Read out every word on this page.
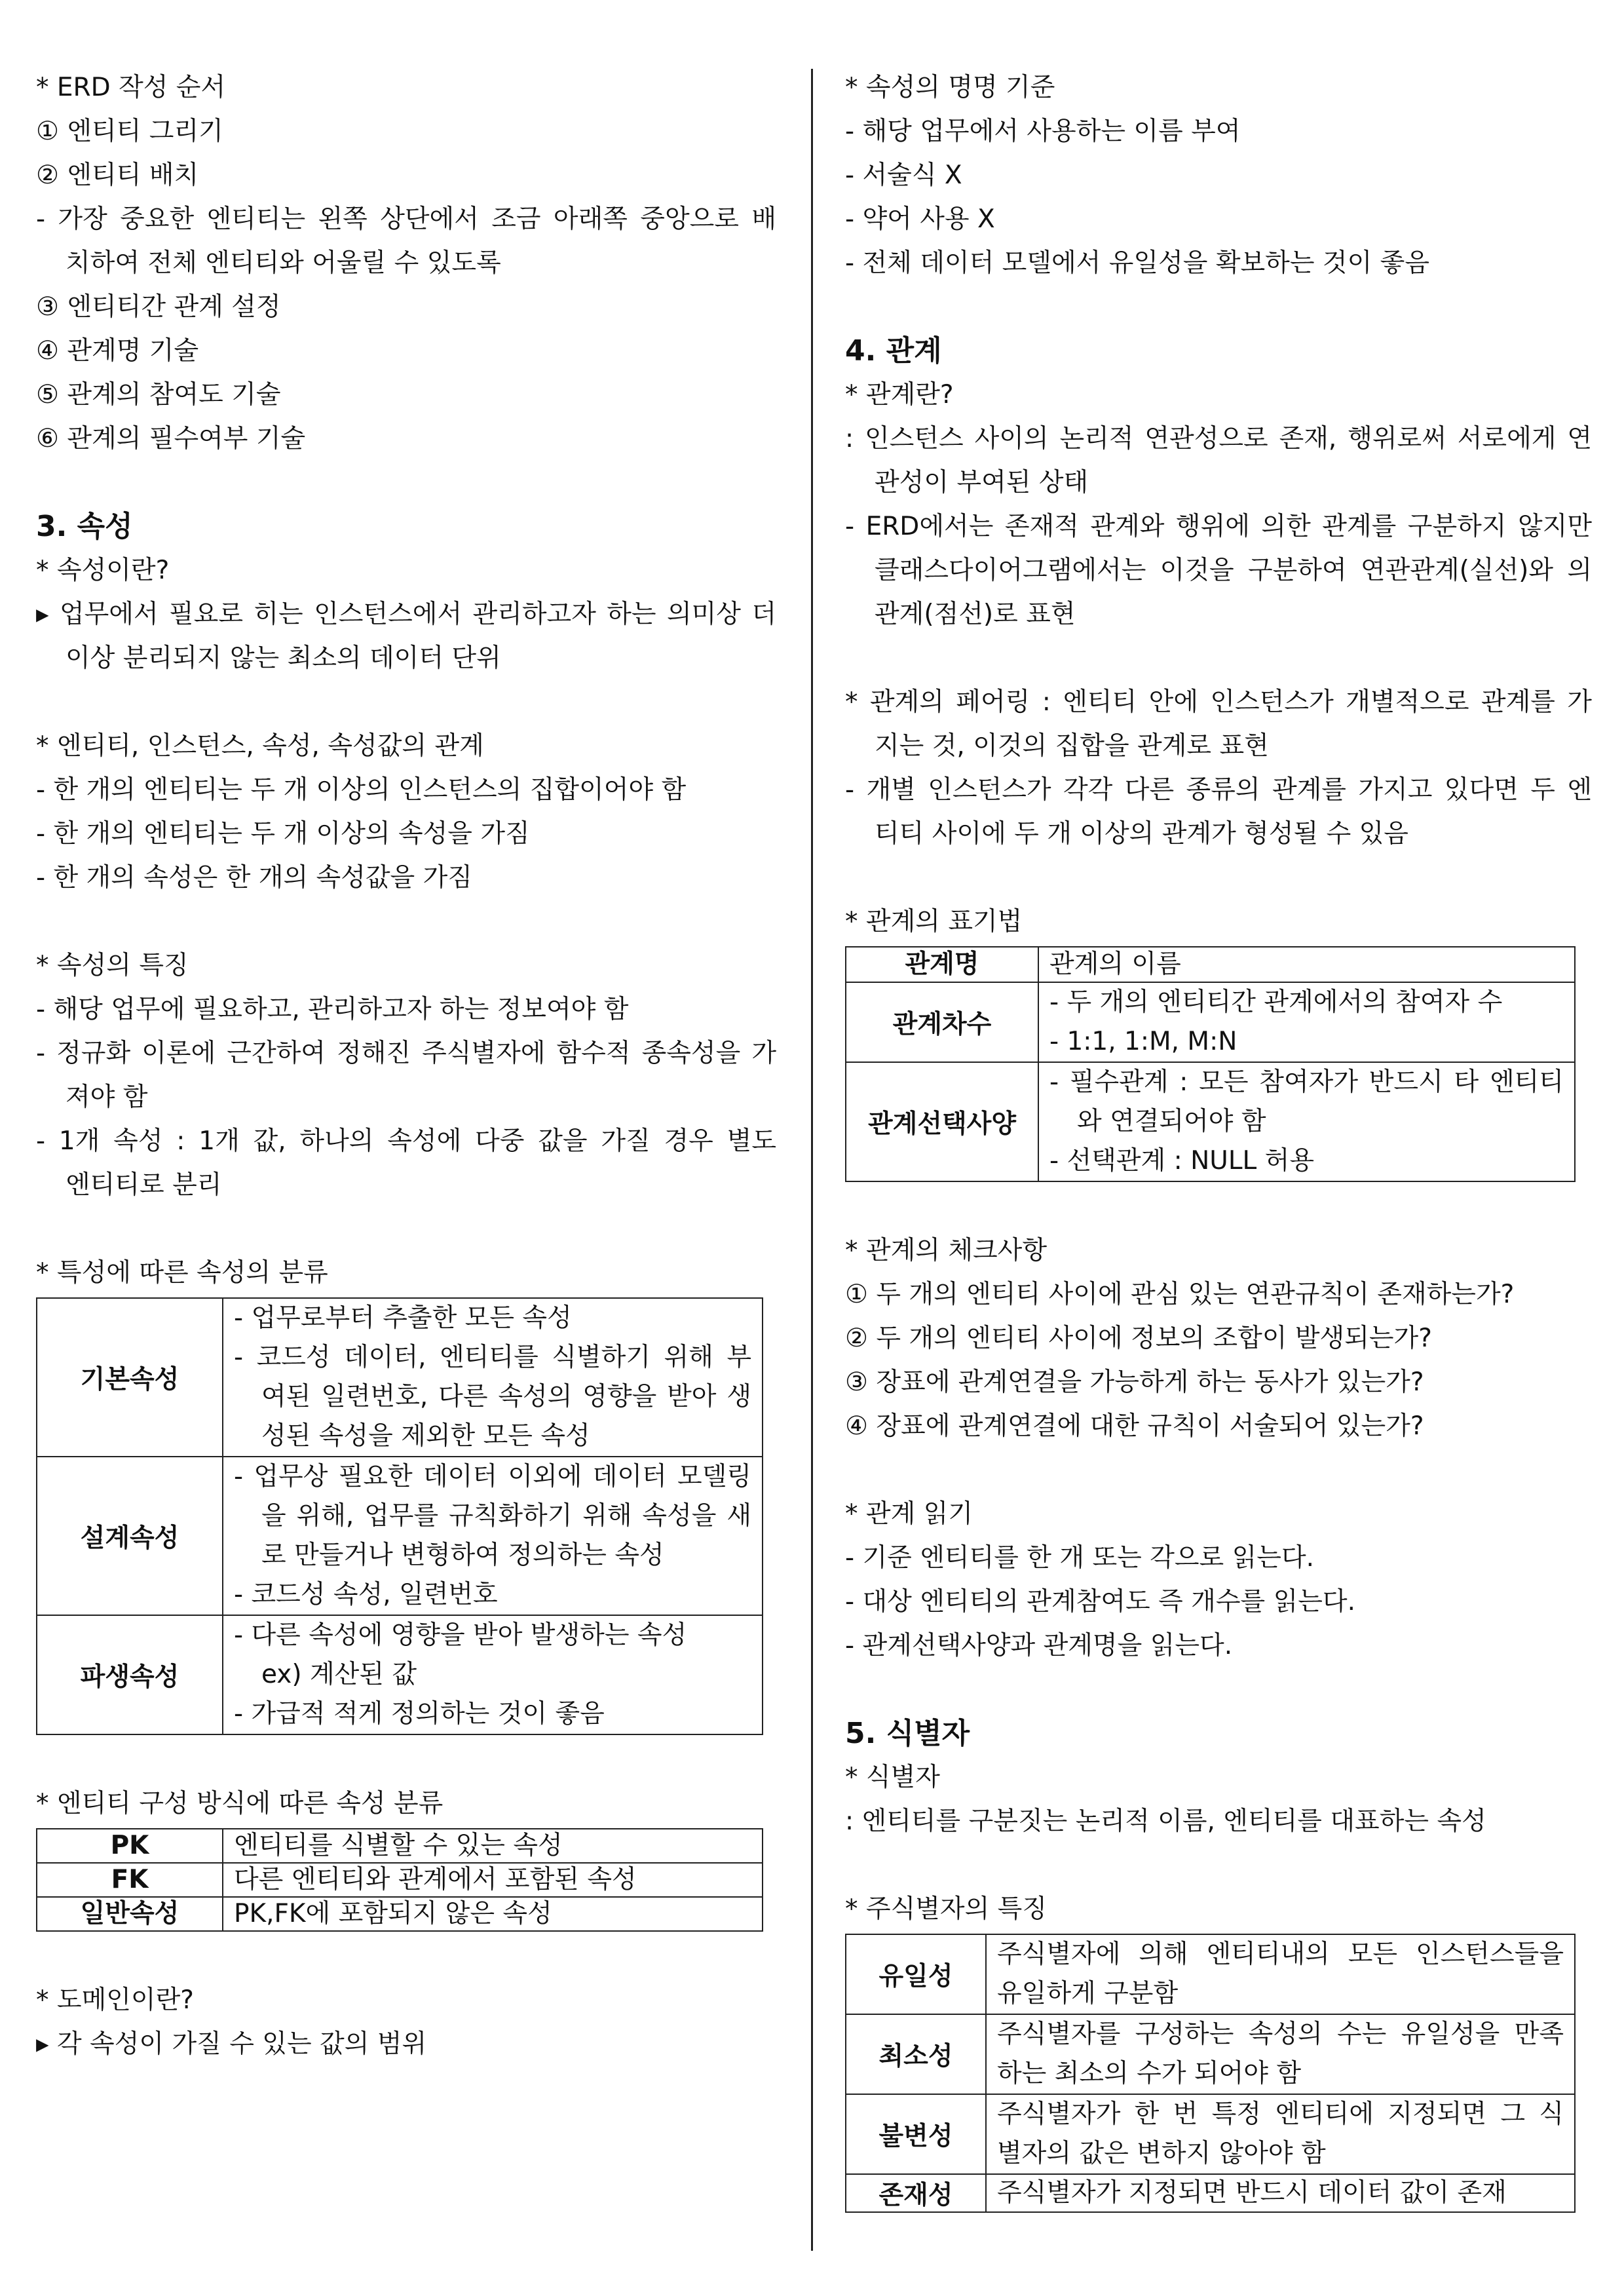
* ERD 작성 순서
① 엔티티 그리기
② 엔티티 배치
- 가장 중요한 엔티티는 왼쪽 상단에서 조금 아래쪽 중앙으로 배
치하여 전체 엔티티와 어울릴 수 있도록
③ 엔티티간 관계 설정
④ 관계명 기술
⑤ 관계의 참여도 기술
⑥ 관계의 필수여부 기술
3. 속성
* 속성이란?
▸ 업무에서 필요로 히는 인스턴스에서 관리하고자 하는 의미상 더
이상 분리되지 않는 최소의 데이터 단위
* 엔티티, 인스턴스, 속성, 속성값의 관계
- 한 개의 엔티티는 두 개 이상의 인스턴스의 집합이어야 함
- 한 개의 엔티티는 두 개 이상의 속성을 가짐
- 한 개의 속성은 한 개의 속성값을 가짐
* 속성의 특징
- 해당 업무에 필요하고, 관리하고자 하는 정보여야 함
- 정규화 이론에 근간하여 정해진 주식별자에 함수적 종속성을 가
져야 함
- 1개 속성 : 1개 값, 하나의 속성에 다중 값을 가질 경우 별도
엔티티로 분리
* 특성에 따른 속성의 분류
기본속성	- 업무로부터 추출한 모든 속성
- 코드성 데이터, 엔티티를 식별하기 위해 부
여된 일련번호, 다른 속성의 영향을 받아 생
성된 속성을 제외한 모든 속성

설계속성	- 업무상 필요한 데이터 이외에 데이터 모델링
을 위해, 업무를 규칙화하기 위해 속성을 새
로 만들거나 변형하여 정의하는 속성
- 코드성 속성, 일련번호

파생속성	- 다른 속성에 영향을 받아 발생하는 속성
ex) 계산된 값
- 가급적 적게 정의하는 것이 좋음
* 엔티티 구성 방식에 따른 속성 분류
PK	엔티티를 식별할 수 있는 속성

FK	다른 엔티티와 관계에서 포함된 속성

일반속성	PK,FK에 포함되지 않은 속성
* 도메인이란?
▸ 각 속성이 가질 수 있는 값의 범위
* 속성의 명명 기준
- 해당 업무에서 사용하는 이름 부여
- 서술식 X
- 약어 사용 X
- 전체 데이터 모델에서 유일성을 확보하는 것이 좋음
4. 관계
* 관계란?
: 인스턴스 사이의 논리적 연관성으로 존재, 행위로써 서로에게 연
관성이 부여된 상태
- ERD에서는 존재적 관계와 행위에 의한 관계를 구분하지 않지만
클래스다이어그램에서는 이것을 구분하여 연관관계(실선)와 의
관계(점선)로 표현
* 관계의 페어링 : 엔티티 안에 인스턴스가 개별적으로 관계를 가
지는 것, 이것의 집합을 관계로 표현
- 개별 인스턴스가 각각 다른 종류의 관계를 가지고 있다면 두 엔
티티 사이에 두 개 이상의 관계가 형성될 수 있음
* 관계의 표기법
관계명	관계의 이름

관계차수	- 두 개의 엔티티간 관계에서의 참여자 수
- 1:1, 1:M, M:N

관계선택사양	- 필수관계 : 모든 참여자가 반드시 타 엔티티
와 연결되어야 함
- 선택관계 : NULL 허용
* 관계의 체크사항
① 두 개의 엔티티 사이에 관심 있는 연관규칙이 존재하는가?
② 두 개의 엔티티 사이에 정보의 조합이 발생되는가?
③ 장표에 관계연결을 가능하게 하는 동사가 있는가?
④ 장표에 관계연결에 대한 규칙이 서술되어 있는가?
* 관계 읽기
- 기준 엔티티를 한 개 또는 각으로 읽는다.
- 대상 엔티티의 관계참여도 즉 개수를 읽는다.
- 관계선택사양과 관계명을 읽는다.
5. 식별자
* 식별자
: 엔티티를 구분짓는 논리적 이름, 엔티티를 대표하는 속성
* 주식별자의 특징
유일성	주식별자에 의해 엔티티내의 모든 인스턴스들을
유일하게 구분함

최소성	주식별자를 구성하는 속성의 수는 유일성을 만족
하는 최소의 수가 되어야 함

불변성	주식별자가 한 번 특정 엔티티에 지정되면 그 식
별자의 값은 변하지 않아야 함

존재성	주식별자가 지정되면 반드시 데이터 값이 존재
